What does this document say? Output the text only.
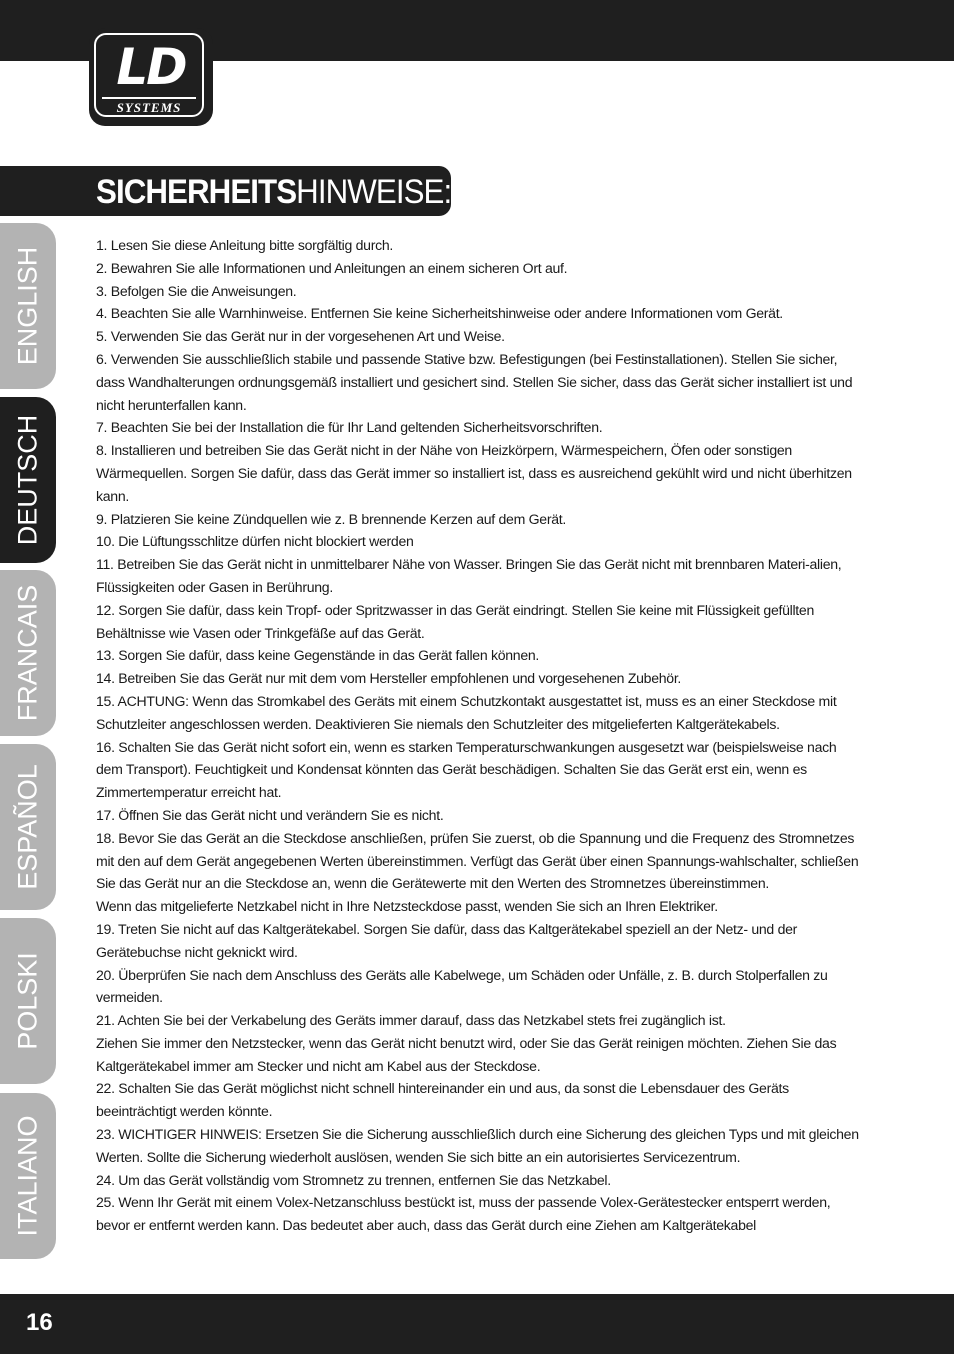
LD
SYSTEMS
SICHERHEITSHINWEISE:
ENGLISH
DEUTSCH
FRANCAIS
ESPAÑOL
POLSKI
ITALIANO

1. Lesen Sie diese Anleitung bitte sorgfältig durch.

2. Bewahren Sie alle Informationen und Anleitungen an einem sicheren Ort auf.

3. Befolgen Sie die Anweisungen.

4. Beachten Sie alle Warnhinweise. Entfernen Sie keine Sicherheitshinweise oder andere Informationen vom Gerät.

5. Verwenden Sie das Gerät nur in der vorgesehenen Art und Weise.

6. Verwenden Sie ausschließlich stabile und passende Stative bzw. Befestigungen (bei Festinstallationen). Stellen Sie sicher, dass Wandhalterungen ordnungsgemäß installiert und gesichert sind. Stellen Sie sicher, dass das Gerät sicher installiert ist und nicht herunterfallen kann.

7. Beachten Sie bei der Installation die für Ihr Land geltenden Sicherheitsvorschriften.

8. Installieren und betreiben Sie das Gerät nicht in der Nähe von Heizkörpern, Wärmespeichern, Öfen oder sonstigen Wärmequellen. Sorgen Sie dafür, dass das Gerät immer so installiert ist, dass es ausreichend gekühlt wird und nicht überhitzen kann.

9. Platzieren Sie keine Zündquellen wie z. B brennende Kerzen auf dem Gerät.

10. Die Lüftungsschlitze dürfen nicht blockiert werden

11. Betreiben Sie das Gerät nicht in unmittelbarer Nähe von Wasser. Bringen Sie das Gerät nicht mit brennbaren Materi-alien, Flüssigkeiten oder Gasen in Berührung.

12. Sorgen Sie dafür, dass kein Tropf- oder Spritzwasser in das Gerät eindringt. Stellen Sie keine mit Flüssigkeit gefüllten Behältnisse wie Vasen oder Trinkgefäße auf das Gerät.

13. Sorgen Sie dafür, dass keine Gegenstände in das Gerät fallen können.

14. Betreiben Sie das Gerät nur mit dem vom Hersteller empfohlenen und vorgesehenen Zubehör.

15. ACHTUNG: Wenn das Stromkabel des Geräts mit einem Schutzkontakt ausgestattet ist, muss es an einer Steckdose mit Schutzleiter angeschlossen werden. Deaktivieren Sie niemals den Schutzleiter des mitgelieferten Kaltgerätekabels.

16. Schalten Sie das Gerät nicht sofort ein, wenn es starken Temperaturschwankungen ausgesetzt war (beispielsweise nach dem Transport). Feuchtigkeit und Kondensat könnten das Gerät beschädigen. Schalten Sie das Gerät erst ein, wenn es Zimmertemperatur erreicht hat.

17. Öffnen Sie das Gerät nicht und verändern Sie es nicht.

18. Bevor Sie das Gerät an die Steckdose anschließen, prüfen Sie zuerst, ob die Spannung und die Frequenz des Stromnetzes mit den auf dem Gerät angegebenen Werten übereinstimmen. Verfügt das Gerät über einen Spannungs-wahlschalter, schließen Sie das Gerät nur an die Steckdose an, wenn die Gerätewerte mit den Werten des Stromnetzes übereinstimmen.

Wenn das mitgelieferte Netzkabel nicht in Ihre Netzsteckdose passt, wenden Sie sich an Ihren Elektriker.

19. Treten Sie nicht auf das Kaltgerätekabel. Sorgen Sie dafür, dass das Kaltgerätekabel speziell an der Netz- und der Gerätebuchse nicht geknickt wird.

20. Überprüfen Sie nach dem Anschluss des Geräts alle Kabelwege, um Schäden oder Unfälle, z. B. durch Stolperfallen zu vermeiden.

21. Achten Sie bei der Verkabelung des Geräts immer darauf, dass das Netzkabel stets frei zugänglich ist.

Ziehen Sie immer den Netzstecker, wenn das Gerät nicht benutzt wird, oder Sie das Gerät reinigen möchten. Ziehen Sie das Kaltgerätekabel immer am Stecker und nicht am Kabel aus der Steckdose.

22. Schalten Sie das Gerät möglichst nicht schnell hintereinander ein und aus, da sonst die Lebensdauer des Geräts beeinträchtigt werden könnte.

23. WICHTIGER HINWEIS: Ersetzen Sie die Sicherung ausschließlich durch eine Sicherung des gleichen Typs und mit gleichen Werten. Sollte die Sicherung wiederholt auslösen, wenden Sie sich bitte an ein autorisiertes Servicezentrum.

24. Um das Gerät vollständig vom Stromnetz zu trennen, entfernen Sie das Netzkabel.

25. Wenn Ihr Gerät mit einem Volex-Netzanschluss bestückt ist, muss der passende Volex-Gerätestecker entsperrt werden, bevor er entfernt werden kann. Das bedeutet aber auch, dass das Gerät durch eine Ziehen am Kaltgerätekabel

16
